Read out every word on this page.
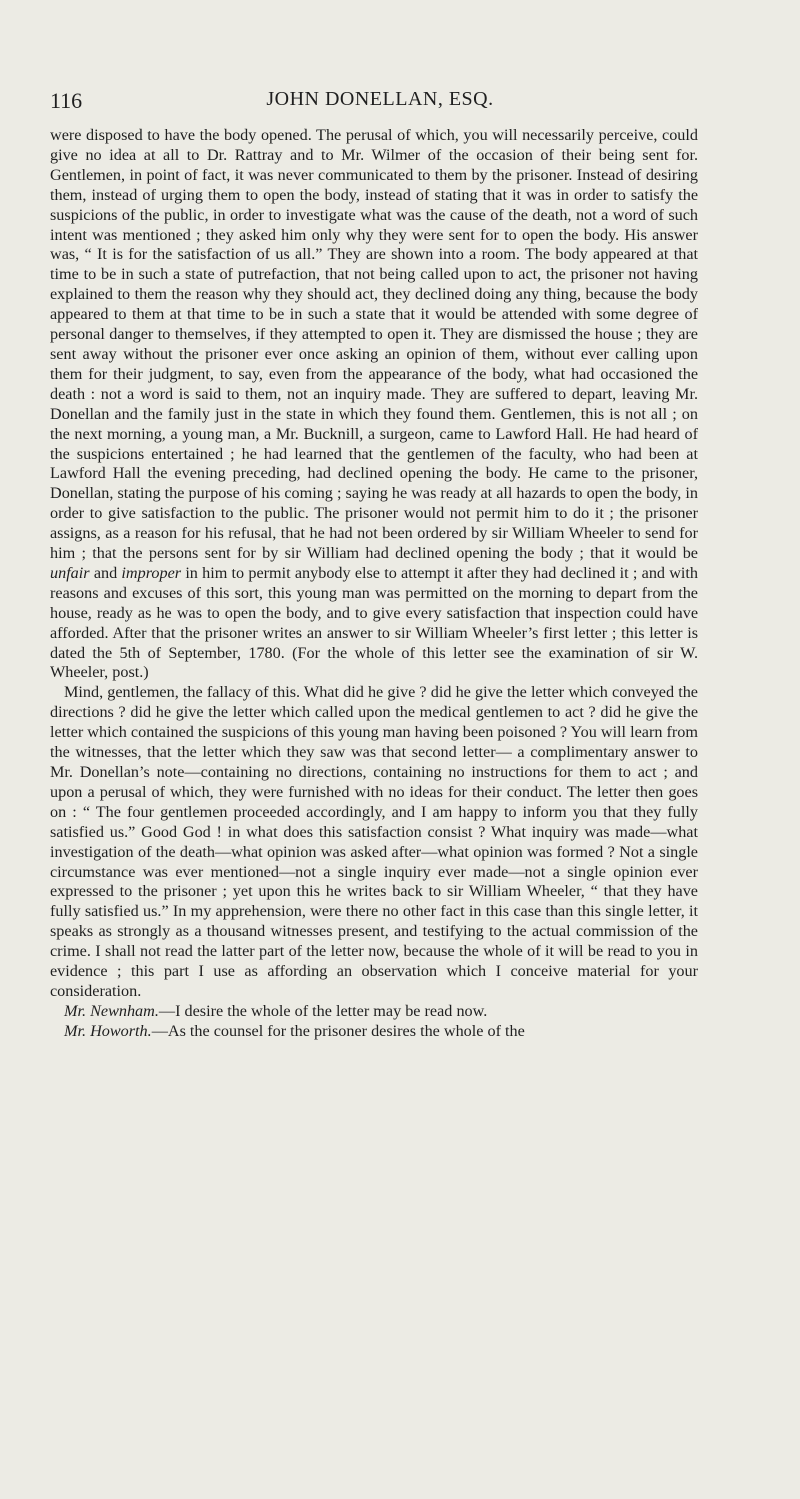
116	JOHN DONELLAN, ESQ.

were disposed to have the body opened. The perusal of which, you will necessarily perceive, could give no idea at all to Dr. Rattray and to Mr. Wilmer of the occasion of their being sent for. Gentlemen, in point of fact, it was never communicated to them by the prisoner. Instead of desiring them, instead of urging them to open the body, instead of stating that it was in order to satisfy the suspicions of the public, in order to investigate what was the cause of the death, not a word of such intent was mentioned ; they asked him only why they were sent for to open the body. His answer was, “ It is for the satisfaction of us all.” They are shown into a room. The body appeared at that time to be in such a state of putrefaction, that not being called upon to act, the prisoner not having explained to them the reason why they should act, they declined doing any thing, because the body appeared to them at that time to be in such a state that it would be attended with some degree of personal danger to themselves, if they attempted to open it. They are dismissed the house ; they are sent away without the prisoner ever once asking an opinion of them, without ever calling upon them for their judgment, to say, even from the appearance of the body, what had occasioned the death : not a word is said to them, not an inquiry made. They are suffered to depart, leaving Mr. Donellan and the family just in the state in which they found them. Gentlemen, this is not all ; on the next morning, a young man, a Mr. Bucknill, a surgeon, came to Lawford Hall. He had heard of the suspicions entertained ; he had learned that the gentlemen of the faculty, who had been at Lawford Hall the evening preceding, had declined opening the body. He came to the prisoner, Donellan, stating the purpose of his coming ; saying he was ready at all hazards to open the body, in order to give satisfaction to the public. The prisoner would not permit him to do it ; the prisoner assigns, as a reason for his refusal, that he had not been ordered by sir William Wheeler to send for him ; that the persons sent for by sir William had declined opening the body ; that it would be unfair and improper in him to permit anybody else to attempt it after they had declined it ; and with reasons and excuses of this sort, this young man was permitted on the morning to depart from the house, ready as he was to open the body, and to give every satisfaction that inspection could have afforded. After that the prisoner writes an answer to sir William Wheeler’s first letter ; this letter is dated the 5th of September, 1780. (For the whole of this letter see the examination of sir W. Wheeler, post.)

Mind, gentlemen, the fallacy of this. What did he give ? did he give the letter which conveyed the directions ? did he give the letter which called upon the medical gentlemen to act ? did he give the letter which contained the suspicions of this young man having been poisoned ? You will learn from the witnesses, that the letter which they saw was that second letter— a complimentary answer to Mr. Donellan’s note—containing no directions, containing no instructions for them to act ; and upon a perusal of which, they were furnished with no ideas for their conduct. The letter then goes on : “ The four gentlemen proceeded accordingly, and I am happy to inform you that they fully satisfied us.” Good God ! in what does this satisfaction consist ? What inquiry was made—what investigation of the death—what opinion was asked after—what opinion was formed ? Not a single circumstance was ever mentioned—not a single inquiry ever made—not a single opinion ever expressed to the prisoner ; yet upon this he writes back to sir William Wheeler, “ that they have fully satisfied us.” In my apprehension, were there no other fact in this case than this single letter, it speaks as strongly as a thousand witnesses present, and testifying to the actual commission of the crime. I shall not read the latter part of the letter now, because the whole of it will be read to you in evidence ; this part I use as affording an observation which I conceive material for your consideration.

Mr. Newnham.—I desire the whole of the letter may be read now.

Mr. Howorth.—As the counsel for the prisoner desires the whole of the
